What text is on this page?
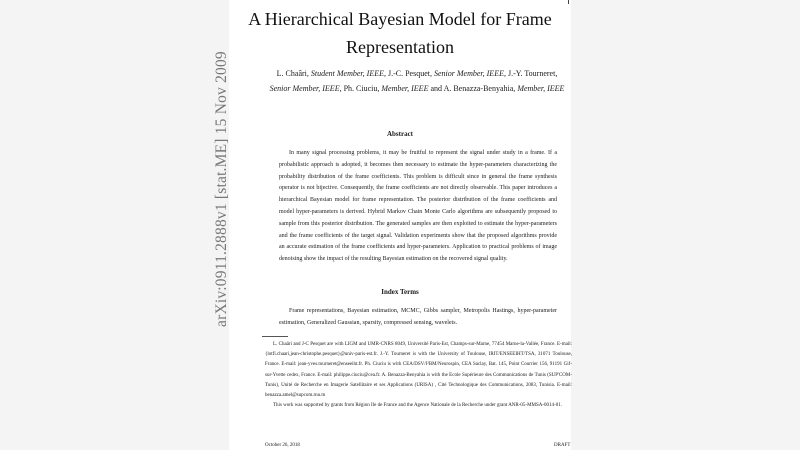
arXiv:0911.2888v1 [stat.ME] 15 Nov 2009
A Hierarchical Bayesian Model for Frame
Representation
L. Chaâri, Student Member, IEEE, J.-C. Pesquet, Senior Member, IEEE, J.-Y. Tourneret,
Senior Member, IEEE, Ph. Ciuciu, Member, IEEE and A. Benazza-Benyahia, Member, IEEE
Abstract

In many signal processing problems, it may be fruitful to represent the signal under study in a frame. If a probabilistic approach is adopted, it becomes then necessary to estimate the hyper-parameters characterizing the probability distribution of the frame coefficients. This problem is difficult since in general the frame synthesis operator is not bijective. Consequently, the frame coefficients are not directly observable. This paper introduces a hierarchical Bayesian model for frame representation. The posterior distribution of the frame coefficients and model hyper-parameters is derived. Hybrid Markov Chain Monte Carlo algorithms are subsequently proposed to sample from this posterior distribution. The generated samples are then exploited to estimate the hyper-parameters and the frame coefficients of the target signal. Validation experiments show that the proposed algorithms provide an accurate estimation of the frame coefficients and hyper-parameters. Application to practical problems of image denoising show the impact of the resulting Bayesian estimation on the recovered signal quality.

Index Terms

Frame representations, Bayesian estimation, MCMC, Gibbs sampler, Metropolis Hastings, hyper-parameter estimation, Generalized Gaussian, sparsity, compressed sensing, wavelets.

L. Chaâri and J-C Pesquet are with LIGM and UMR-CNRS 8049, Université Paris-Est, Champs-sur-Marne, 77454 Marne-la-Vallée, France. E-mail: {lotfi.chaari,jean-christophe.pesquet}@univ-paris-est.fr. J.-Y. Tourneret is with the University of Toulouse, IRIT/ENSEEIHT/TSA, 31071 Toulouse, France. E-mail: jean-yves.tourneret@enseeiht.fr. Ph. Ciuciu is with CEA/DSV/I²BM/Neurospin, CEA Saclay, Bat. 145, Point Courrier 156, 91191 Gif-sur-Yvette cedex, France. E-mail: philippe.ciuciu@cea.fr. A. Benazza-Benyahia is with the Ecole Supérieure des Communications de Tunis (SUP'COM-Tunis), Unité de Recherche en Imagerie Satellitaire et ses Applications (URISA) , Cité Technologique des Communications, 2083, Tunisia. E-mail: benazza.amel@supcom.rnu.tn

This work was supported by grants from Région Ile de France and the Agence Nationale de la Recherche under grant ANR-05-MMSA-0014-01.

October 26, 2018	DRAFT
